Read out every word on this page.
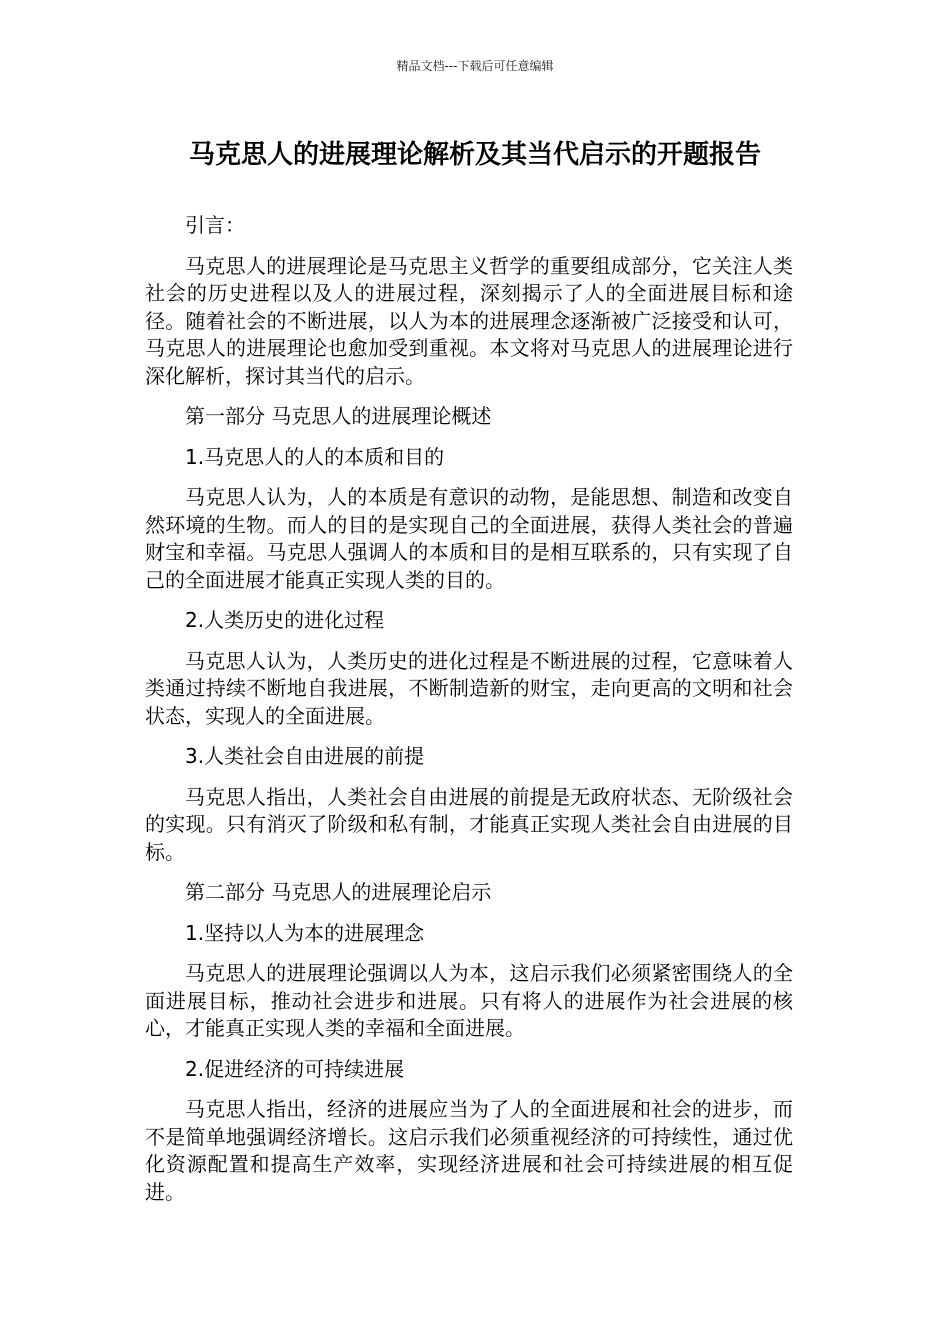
精品文档---下载后可任意编辑
马克思人的进展理论解析及其当代启示的开题报告

引言：

马克思人的进展理论是马克思主义哲学的重要组成部分，它关注人类社会的历史进程以及人的进展过程，深刻揭示了人的全面进展目标和途径。随着社会的不断进展，以人为本的进展理念逐渐被广泛接受和认可，马克思人的进展理论也愈加受到重视。本文将对马克思人的进展理论进行深化解析，探讨其当代的启示。

第一部分 马克思人的进展理论概述

1.马克思人的人的本质和目的

马克思人认为，人的本质是有意识的动物，是能思想、制造和改变自然环境的生物。而人的目的是实现自己的全面进展，获得人类社会的普遍财宝和幸福。马克思人强调人的本质和目的是相互联系的，只有实现了自己的全面进展才能真正实现人类的目的。

2.人类历史的进化过程

马克思人认为，人类历史的进化过程是不断进展的过程，它意味着人类通过持续不断地自我进展，不断制造新的财宝，走向更高的文明和社会状态，实现人的全面进展。

3.人类社会自由进展的前提

马克思人指出，人类社会自由进展的前提是无政府状态、无阶级社会的实现。只有消灭了阶级和私有制，才能真正实现人类社会自由进展的目标。

第二部分 马克思人的进展理论启示

1.坚持以人为本的进展理念

马克思人的进展理论强调以人为本，这启示我们必须紧密围绕人的全面进展目标，推动社会进步和进展。只有将人的进展作为社会进展的核心，才能真正实现人类的幸福和全面进展。

2.促进经济的可持续进展

马克思人指出，经济的进展应当为了人的全面进展和社会的进步，而不是简单地强调经济增长。这启示我们必须重视经济的可持续性，通过优化资源配置和提高生产效率，实现经济进展和社会可持续进展的相互促进。
